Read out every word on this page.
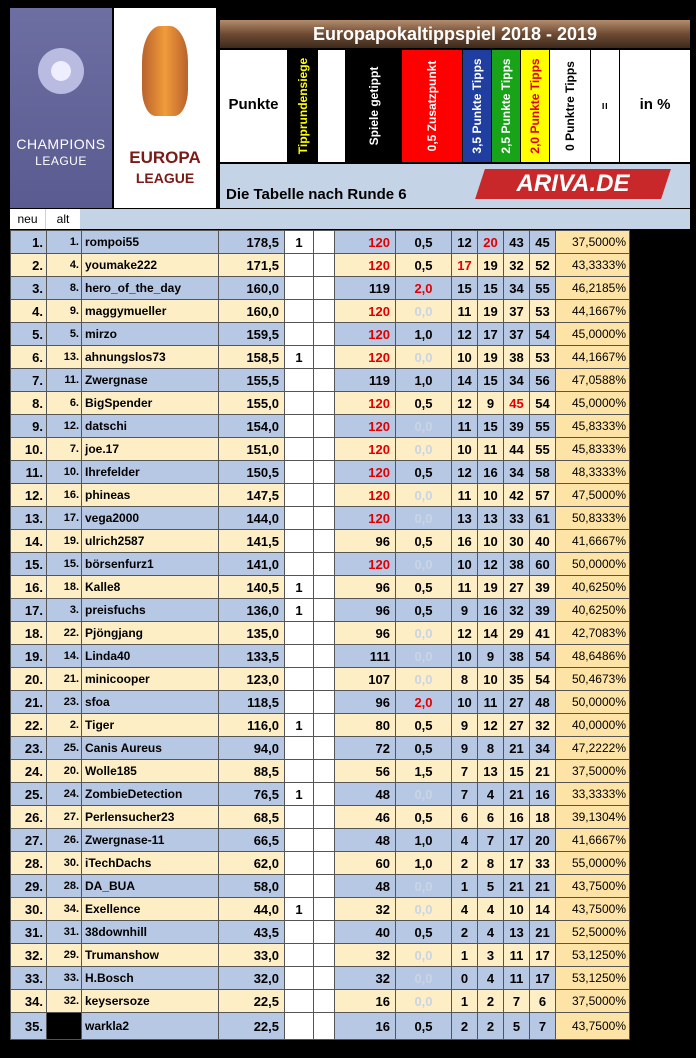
CHAMPIONS
LEAGUE	EUROPA
LEAGUE
Europapokaltippspiel 2018 - 2019
Punkte	Tipprundensiege	Spiele getippt	0,5 Zusatzpunkt	3,5 Punkte Tipps 2,5 Punkte Tipps 2,0 Punkte Tipps 0 Punktre Tipps =	in %
Die Tabelle nach Runde 6	ARIVA.DE
neu	alt
1.	1.	rompoi55	178,5	1		120	0,5	12	20	43	45	37,5000%
2.	4.	youmake222	171,5			120	0,5	17	19	32	52	43,3333%
3.	8.	hero_of_the_day	160,0			119	2,0	15	15	34	55	46,2185%
4.	9.	maggymueller	160,0			120	0,0	11	19	37	53	44,1667%
5.	5.	mirzo	159,5			120	1,0	12	17	37	54	45,0000%
6.	13.	ahnungslos73	158,5	1		120	0,0	10	19	38	53	44,1667%
7.	11.	Zwergnase	155,5			119	1,0	14	15	34	56	47,0588%
8.	6.	BigSpender	155,0			120	0,5	12	9	45	54	45,0000%
9.	12.	datschi	154,0			120	0,0	11	15	39	55	45,8333%
10.	7.	joe.17	151,0			120	0,0	10	11	44	55	45,8333%
11.	10.	Ihrefelder	150,5			120	0,5	12	16	34	58	48,3333%
12.	16.	phineas	147,5			120	0,0	11	10	42	57	47,5000%
13.	17.	vega2000	144,0			120	0,0	13	13	33	61	50,8333%
14.	19.	ulrich2587	141,5			96	0,5	16	10	30	40	41,6667%
15.	15.	börsenfurz1	141,0			120	0,0	10	12	38	60	50,0000%
16.	18.	Kalle8	140,5	1		96	0,5	11	19	27	39	40,6250%
17.	3.	preisfuchs	136,0	1		96	0,5	9	16	32	39	40,6250%
18.	22.	Pjöngjang	135,0			96	0,0	12	14	29	41	42,7083%
19.	14.	Linda40	133,5			111	0,0	10	9	38	54	48,6486%
20.	21.	minicooper	123,0			107	0,0	8	10	35	54	50,4673%
21.	23.	sfoa	118,5			96	2,0	10	11	27	48	50,0000%
22.	2.	Tiger	116,0	1		80	0,5	9	12	27	32	40,0000%
23.	25.	Canis Aureus	94,0			72	0,5	9	8	21	34	47,2222%
24.	20.	Wolle185	88,5			56	1,5	7	13	15	21	37,5000%
25.	24.	ZombieDetection	76,5	1		48	0,0	7	4	21	16	33,3333%
26.	27.	Perlensucher23	68,5			46	0,5	6	6	16	18	39,1304%
27.	26.	Zwergnase-11	66,5			48	1,0	4	7	17	20	41,6667%
28.	30.	iTechDachs	62,0			60	1,0	2	8	17	33	55,0000%
29.	28.	DA_BUA	58,0			48	0,0	1	5	21	21	43,7500%
30.	34.	Exellence	44,0	1		32	0,0	4	4	10	14	43,7500%
31.	31.	38downhill	43,5			40	0,5	2	4	13	21	52,5000%
32.	29.	Trumanshow	33,0			32	0,0	1	3	11	17	53,1250%
33.	33.	H.Bosch	32,0			32	0,0	0	4	11	17	53,1250%
34.	32.	keysersoze	22,5			16	0,0	1	2	7	6	37,5000%
35.		warkla2	22,5			16	0,5	2	2	5	7	43,7500%
